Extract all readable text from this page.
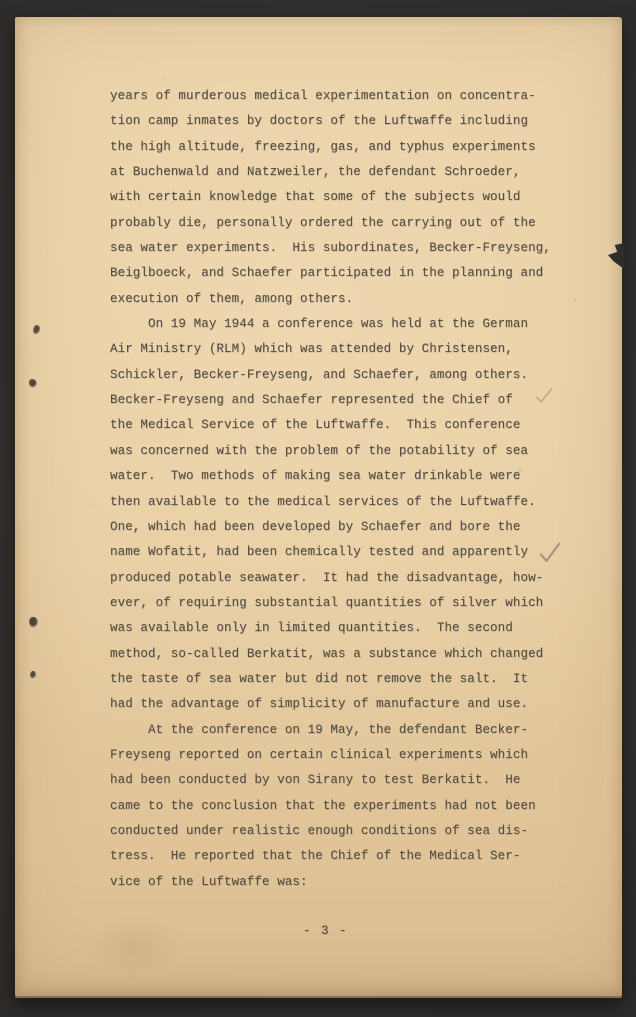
years of murderous medical experimentation on concentra-
tion camp inmates by doctors of the Luftwaffe including
the high altitude, freezing, gas, and typhus experiments
at Buchenwald and Natzweiler, the defendant Schroeder,
with certain knowledge that some of the subjects would
probably die, personally ordered the carrying out of the
sea water experiments.  His subordinates, Becker-Freyseng,
Beiglboeck, and Schaefer participated in the planning and
execution of them, among others.
On 19 May 1944 a conference was held at the German
Air Ministry (RLM) which was attended by Christensen,
Schickler, Becker-Freyseng, and Schaefer, among others.
Becker-Freyseng and Schaefer represented the Chief of
the Medical Service of the Luftwaffe.  This conference
was concerned with the problem of the potability of sea
water.  Two methods of making sea water drinkable were
then available to the medical services of the Luftwaffe.
One, which had been developed by Schaefer and bore the
name Wofatit, had been chemically tested and apparently
produced potable seawater.  It had the disadvantage, how-
ever, of requiring substantial quantities of silver which
was available only in limited quantities.  The second
method, so-called Berkatit, was a substance which changed
the taste of sea water but did not remove the salt.  It
had the advantage of simplicity of manufacture and use.
At the conference on 19 May, the defendant Becker-
Freyseng reported on certain clinical experiments which
had been conducted by von Sirany to test Berkatit.  He
came to the conclusion that the experiments had not been
conducted under realistic enough conditions of sea dis-
tress.  He reported that the Chief of the Medical Ser-
vice of the Luftwaffe was:
- 3 -
